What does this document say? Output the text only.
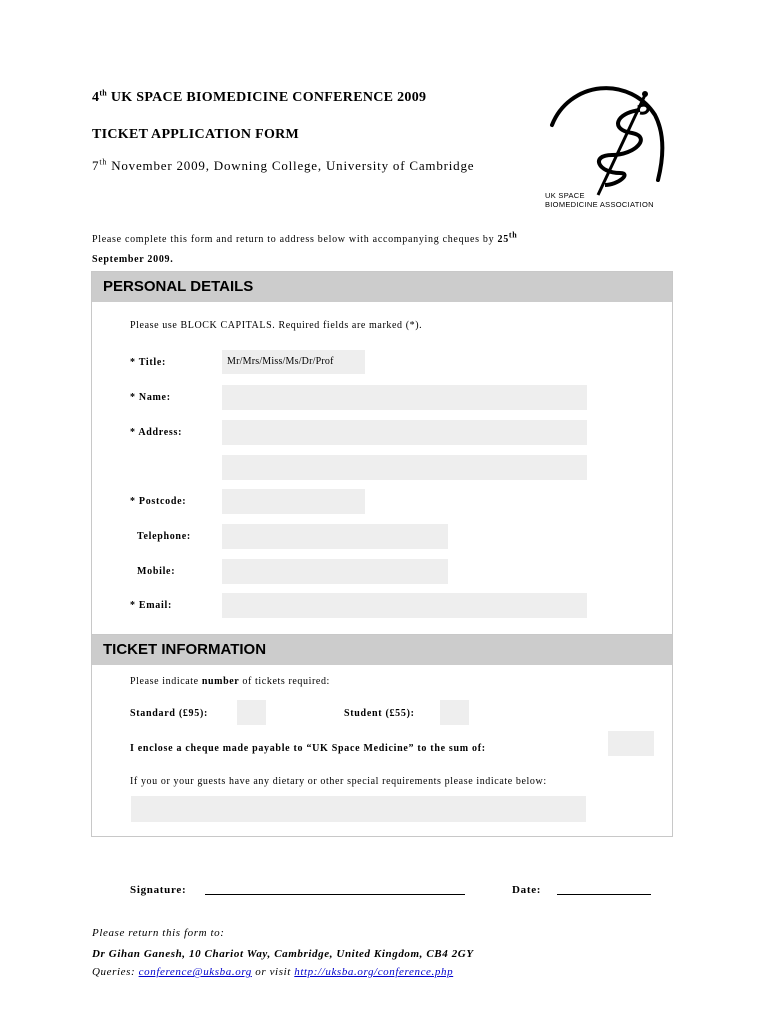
4th UK SPACE BIOMEDICINE CONFERENCE 2009
TICKET APPLICATION FORM
7th November 2009, Downing College, University of Cambridge
UK SPACE
BIOMEDICINE ASSOCIATION
Please complete this form and return to address below with accompanying cheques by 25th
September 2009.
PERSONAL DETAILS
Please use BLOCK CAPITALS. Required fields are marked (*).
* Title:	Mr/Mrs/Miss/Ms/Dr/Prof
* Name:
* Address:
* Postcode:
Telephone:
Mobile:
* Email:
TICKET INFORMATION
Please indicate number of tickets required:
Standard (£95):	Student (£55):
I enclose a cheque made payable to “UK Space Medicine” to the sum of:
If you or your guests have any dietary or other special requirements please indicate below:
Signature:	Date:
Please return this form to:
Dr Gihan Ganesh, 10 Chariot Way, Cambridge, United Kingdom, CB4 2GY
Queries: conference@uksba.org or visit http://uksba.org/conference.php
